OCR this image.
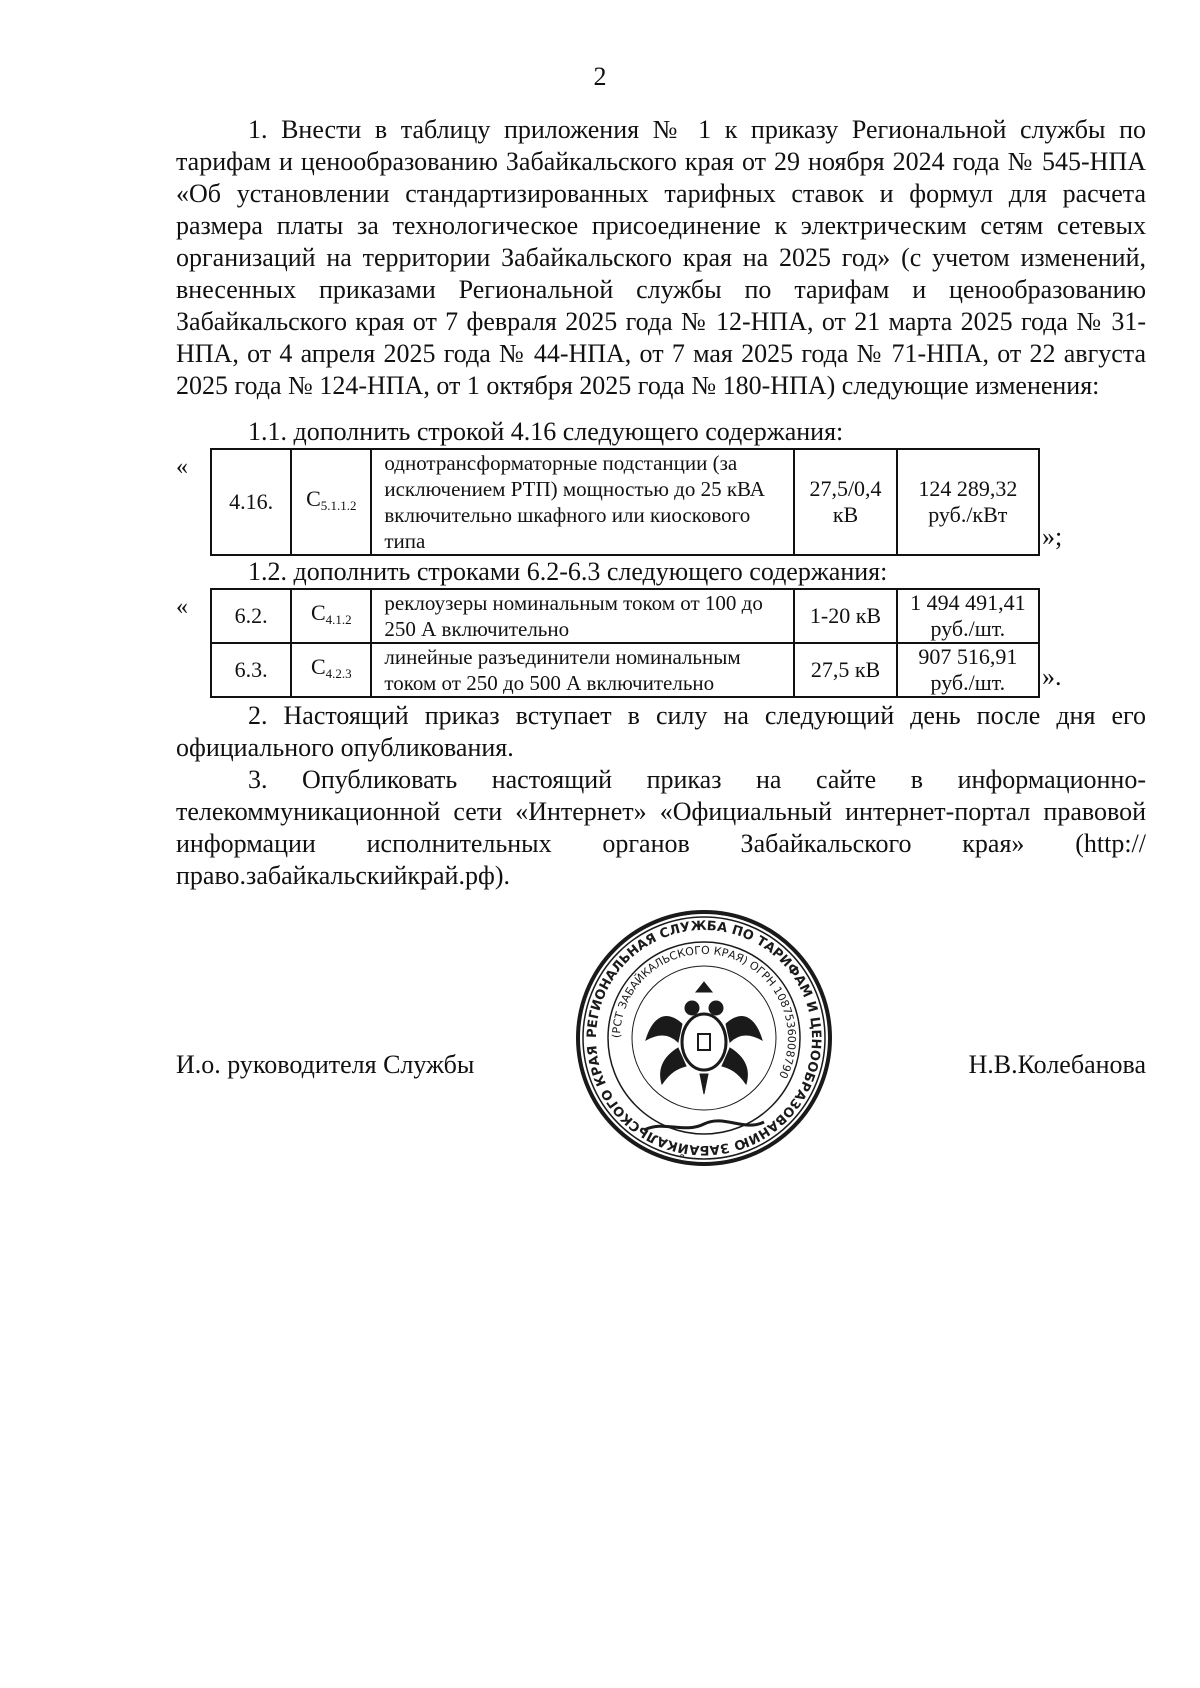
2

1. Внести в таблицу приложения № 1 к приказу Региональной службы по тарифам и ценообразованию Забайкальского края от 29 ноября 2024 года № 545-НПА «Об установлении стандартизированных тарифных ставок и формул для расчета размера платы за технологическое присоединение к электрическим сетям сетевых организаций на территории Забайкальского края на 2025 год» (с учетом изменений, внесенных приказами Региональной службы по тарифам и ценообразованию Забайкальского края от 7 февраля 2025 года № 12-НПА, от 21 марта 2025 года № 31-НПА, от 4 апреля 2025 года № 44-НПА, от 7 мая 2025 года № 71-НПА, от 22 августа 2025 года № 124-НПА, от 1 октября 2025 года № 180-НПА) следующие изменения:

1.1. дополнить строкой 4.16 следующего содержания:

«
4.16.	С5.1.1.2	однотрансформаторные подстанции (за исключением РТП) мощностью до 25 кВА включительно шкафного или киоскового типа	27,5/0,4 кВ	124 289,32 руб./кВт
»;

1.2. дополнить строками 6.2-6.3 следующего содержания:

« 6.2.	С4.1.2	реклоузеры номинальным током от 100 до 250 А включительно	1-20 кВ	1 494 491,41 руб./шт.
6.3.	С4.2.3	линейные разъединители номинальным током от 250 до 500 А включительно	27,5 кВ	907 516,91 руб./шт. ».

2. Настоящий приказ вступает в силу на следующий день после дня его официального опубликования.

3. Опубликовать настоящий приказ на сайте в информационно-телекоммуникационной сети «Интернет» «Официальный интернет-портал правовой информации исполнительных органов Забайкальского края» (http://право.забайкальскийкрай.рф).

И.о. руководителя Службы
РЕГИОНАЛЬНАЯ СЛУЖБА ПО ТАРИФАМ И ЦЕНООБРАЗОВАНИЮ ЗАБАЙКАЛЬСКОГО КРАЯ
(РСТ ЗАБАЙКАЛЬСКОГО КРАЯ) ОГРН 1087536008790	Н.В.Колебанова
